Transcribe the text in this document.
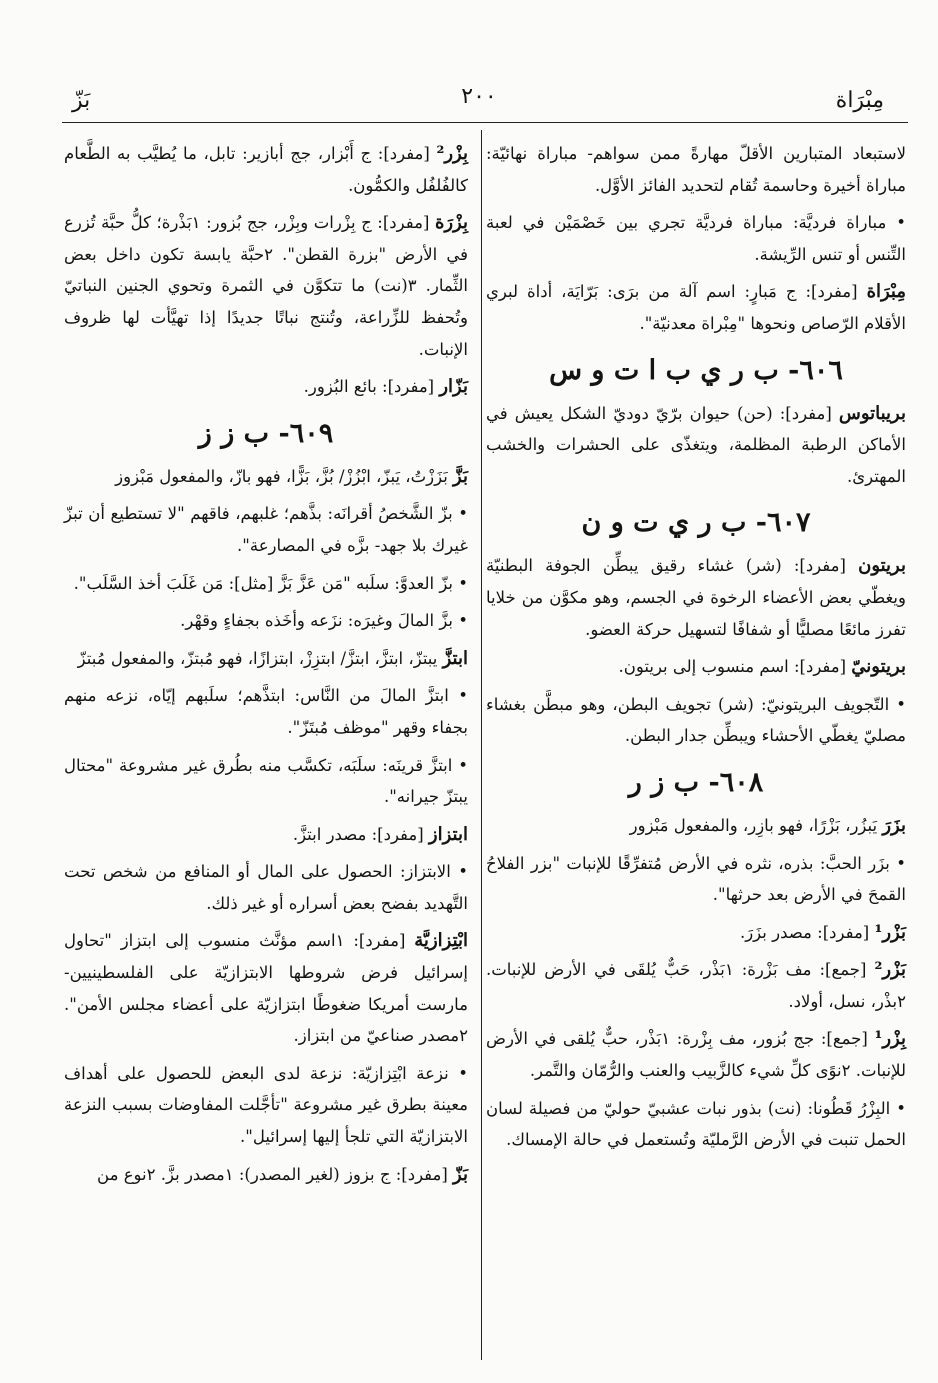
مِبْرَاة
٢٠٠
بَزّ

لاستبعاد المتبارين الأقلّ مهارةً ممن سواهم- مباراة نهائيّة: مباراة أخيرة وحاسمة تُقام لتحديد الفائز الأوَّل.

• مباراة فرديَّة: مباراة فرديَّة تجري بين خَصْمَيْن في لعبة التِّنس أو تنس الرِّيشة.

مِبْرَاة [مفرد]: ج مَبارٍ: اسم آلة من برَى: بَرّايَة، أداة لبري الأقلام الرّصاص ونحوها "مِبْراة معدنيّة".

٦٠٦- ب ر ي ب ا ت و س

بريباتوس [مفرد]: (حن) حيوان برّيّ دوديّ الشكل يعيش في الأماكن الرطبة المظلمة، ويتغذّى على الحشرات والخشب المهترئ.

٦٠٧- ب ر ي ت و ن

بريتون [مفرد]: (شر) غشاء رقيق يبطِّن الجوفة البطنيّة ويغطّي بعض الأعضاء الرخوة في الجسم، وهو مكوَّن من خلايا تفرز مائعًا مصليًّا أو شفافًا لتسهيل حركة العضو.

بريتونيّ [مفرد]: اسم منسوب إلى بريتون.

• التّجويف البريتونيّ: (شر) تجويف البطن، وهو مبطَّن بغشاء مصليّ يغطّي الأحشاء ويبطِّن جدار البطن.

٦٠٨- ب ز ر

بزَرَ يَبزُر، بَزْرًا، فهو بازِر، والمفعول مَبْزور

• بزَر الحبَّ: بذره، نثره في الأرض مُتفرِّقًا للإنبات "بزر الفلاحُ القمحَ في الأرض بعد حرثها".

بَزْر¹ [مفرد]: مصدر بزَرَ.

بَزْر² [جمع]: مف بَزْرة: ١بَذْر، حَبٌّ يُلقَى في الأرض للإنبات. ٢بذْر، نسل، أولاد.

بِزْر¹ [جمع]: جج بُزور، مف بِزْرة: ١بَذْر، حبٌّ يُلقى في الأرض للإنبات. ٢نوًى كلِّ شيء كالزَّبيب والعنب والرُّمّان والتَّمر.

• البِزْرُ قَطُونا: (نت) بذور نبات عشبيّ حوليّ من فصيلة لسان الحمل تنبت في الأرض الرَّمليّة وتُستعمل في حالة الإمساك.

بِزْر² [مفرد]: ج أَبْزار، جج أبازير: تابل، ما يُطيَّب به الطَّعام كالفُلفُل والكمُّون.

بِزْرَة [مفرد]: ج بِزْرات وبِزْر، جج بُزور: ١بَذْرة؛ كلُّ حبَّة تُزرع في الأرض "بزرة القطن". ٢حبَّة يابسة تكون داخل بعض الثِّمار. ٣(نت) ما تتكوَّن في الثمرة وتحوي الجنين النباتيّ وتُحفظ للزِّراعة، وتُنتج نباتًا جديدًا إذا تهيَّأت لها ظروف الإنبات.

بَزّار [مفرد]: بائع البُزور.

٦٠٩- ب ز ز

بَزَّ بَزَزْتُ، يَبزّ، ابْزُزْ/ بُزَّ، بَزًّا، فهو بازّ، والمفعول مَبْزوز

• بزّ الشَّخصُ أقرانَه: بذَّهم؛ غلبهم، فاقهم "لا تستطيع أن تبزّ غيرك بلا جهد- بزَّه في المصارعة".

• بزّ العدوَّ: سلَبه "مَن عَزَّ بَزَّ [مثل]: مَن غَلَبَ أخذ السَّلَب".

• بزَّ المالَ وغيرَه: نزَعه وأخَذه بجفاءٍ وقهْر.

ابتزَّ يبتزّ، ابتزَّ، ابتزَّ/ ابتزِزْ، ابتزازًا، فهو مُبتزّ، والمفعول مُبتزّ

• ابتزَّ المالَ من النَّاس: ابتذَّهم؛ سلَبهم إيّاه، نزعه منهم بجفاء وقهر "موظف مُبتَزّ".

• ابتزَّ قرينَه: سلَبَه، تكسَّب منه بطُرق غير مشروعة "محتال يبتزّ جيرانه".

ابتزاز [مفرد]: مصدر ابتزَّ.

• الابتزاز: الحصول على المال أو المنافع من شخص تحت التَّهديد بفضح بعض أسراره أو غير ذلك.

ابْتِزازيَّة [مفرد]: ١اسم مؤنَّث منسوب إلى ابتزاز "تحاول إسرائيل فرض شروطها الابتزازيّة على الفلسطينيين- مارست أمريكا ضغوطًا ابتزازيّة على أعضاء مجلس الأمن". ٢مصدر صناعيّ من ابتزاز.

• نزعة ابْتِزازيّة: نزعة لدى البعض للحصول على أهداف معينة بطرق غير مشروعة "تأجَّلت المفاوضات بسبب النزعة الابتزازيّة التي تلجأ إليها إسرائيل".

بَزّ [مفرد]: ج بزوز (لغير المصدر): ١مصدر بزَّ. ٢نوع من
